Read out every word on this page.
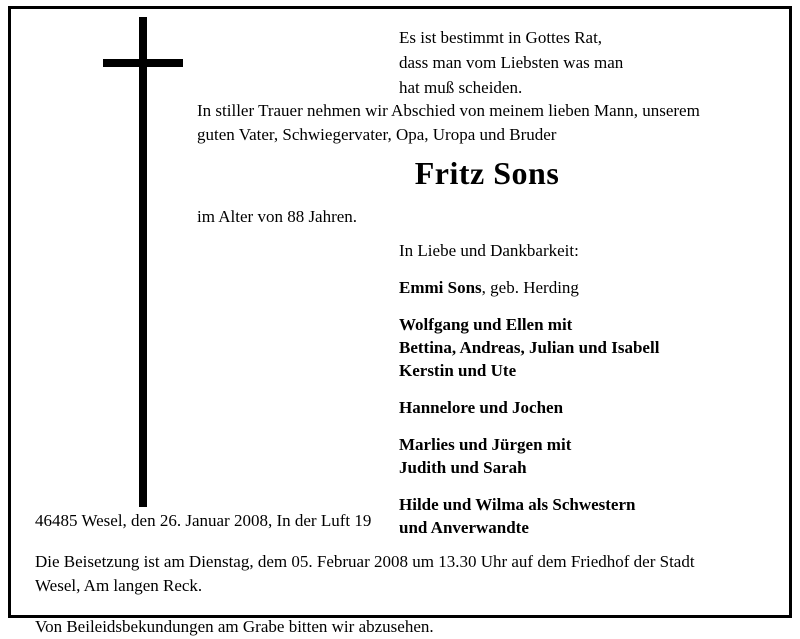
Es ist bestimmt in Gottes Rat,
dass man vom Liebsten was man
hat muß scheiden.
In stiller Trauer nehmen wir Abschied von meinem lieben Mann, unserem
guten Vater, Schwiegervater, Opa, Uropa und Bruder
Fritz Sons
im Alter von 88 Jahren.
In Liebe und Dankbarkeit:
Emmi Sons, geb. Herding
Wolfgang und Ellen mit
Bettina, Andreas, Julian und Isabell
Kerstin und Ute
Hannelore und Jochen
Marlies und Jürgen mit
Judith und Sarah
Hilde und Wilma als Schwestern
und Anverwandte
46485 Wesel, den 26. Januar 2008, In der Luft 19
Die Beisetzung ist am Dienstag, dem 05. Februar 2008 um 13.30 Uhr auf dem Friedhof der Stadt
Wesel, Am langen Reck.
Von Beileidsbekundungen am Grabe bitten wir abzusehen.
